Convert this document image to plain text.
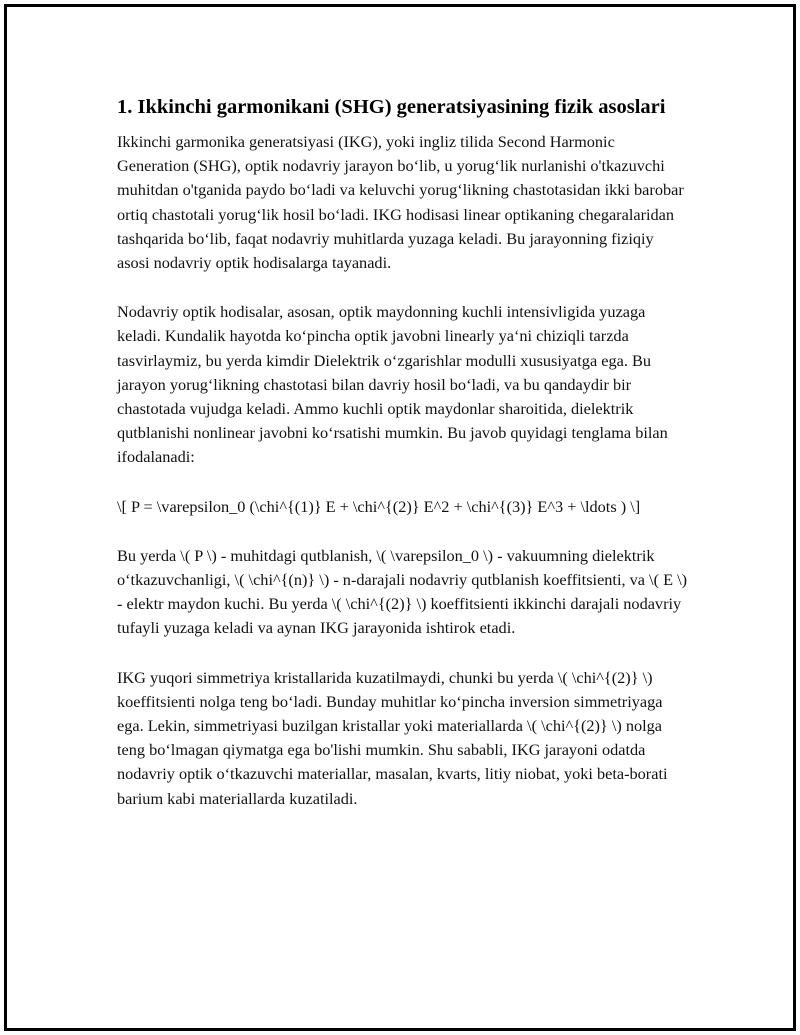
1. Ikkinchi garmonikani (SHG) generatsiyasining fizik asoslari

Ikkinchi garmonika generatsiyasi (IKG), yoki ingliz tilida Second Harmonic Generation (SHG), optik nodavriy jarayon bo‘lib, u yorug‘lik nurlanishi o'tkazuvchi muhitdan o'tganida paydo bo‘ladi va keluvchi yorug‘likning chastotasidan ikki barobar ortiq chastotali yorug‘lik hosil bo‘ladi. IKG hodisasi linear optikaning chegaralaridan tashqarida bo‘lib, faqat nodavriy muhitlarda yuzaga keladi. Bu jarayonning fiziqiy asosi nodavriy optik hodisalarga tayanadi.

Nodavriy optik hodisalar, asosan, optik maydonning kuchli intensivligida yuzaga keladi. Kundalik hayotda ko‘pincha optik javobni linearly ya‘ni chiziqli tarzda tasvirlaymiz, bu yerda kimdir Dielektrik o‘zgarishlar modulli xususiyatga ega. Bu jarayon yorug‘likning chastotasi bilan davriy hosil bo‘ladi, va bu qandaydir bir chastotada vujudga keladi. Ammo kuchli optik maydonlar sharoitida, dielektrik qutblanishi nonlinear javobni ko‘rsatishi mumkin. Bu javob quyidagi tenglama bilan ifodalanadi:

\[ P = \varepsilon_0 (\chi^{(1)} E + \chi^{(2)} E^2 + \chi^{(3)} E^3 + \ldots ) \]

Bu yerda \( P \) - muhitdagi qutblanish, \( \varepsilon_0 \) - vakuumning dielektrik o‘tkazuvchanligi, \( \chi^{(n)} \) - n-darajali nodavriy qutblanish koeffitsienti, va \( E \) - elektr maydon kuchi. Bu yerda \( \chi^{(2)} \) koeffitsienti ikkinchi darajali nodavriy tufayli yuzaga keladi va aynan IKG jarayonida ishtirok etadi.

IKG yuqori simmetriya kristallarida kuzatilmaydi, chunki bu yerda \( \chi^{(2)} \) koeffitsienti nolga teng bo‘ladi. Bunday muhitlar ko‘pincha inversion simmetriyaga ega. Lekin, simmetriyasi buzilgan kristallar yoki materiallarda \( \chi^{(2)} \) nolga teng bo‘lmagan qiymatga ega bo'lishi mumkin. Shu sababli, IKG jarayoni odatda nodavriy optik o‘tkazuvchi materiallar, masalan, kvarts, litiy niobat, yoki beta-borati barium kabi materiallarda kuzatiladi.
